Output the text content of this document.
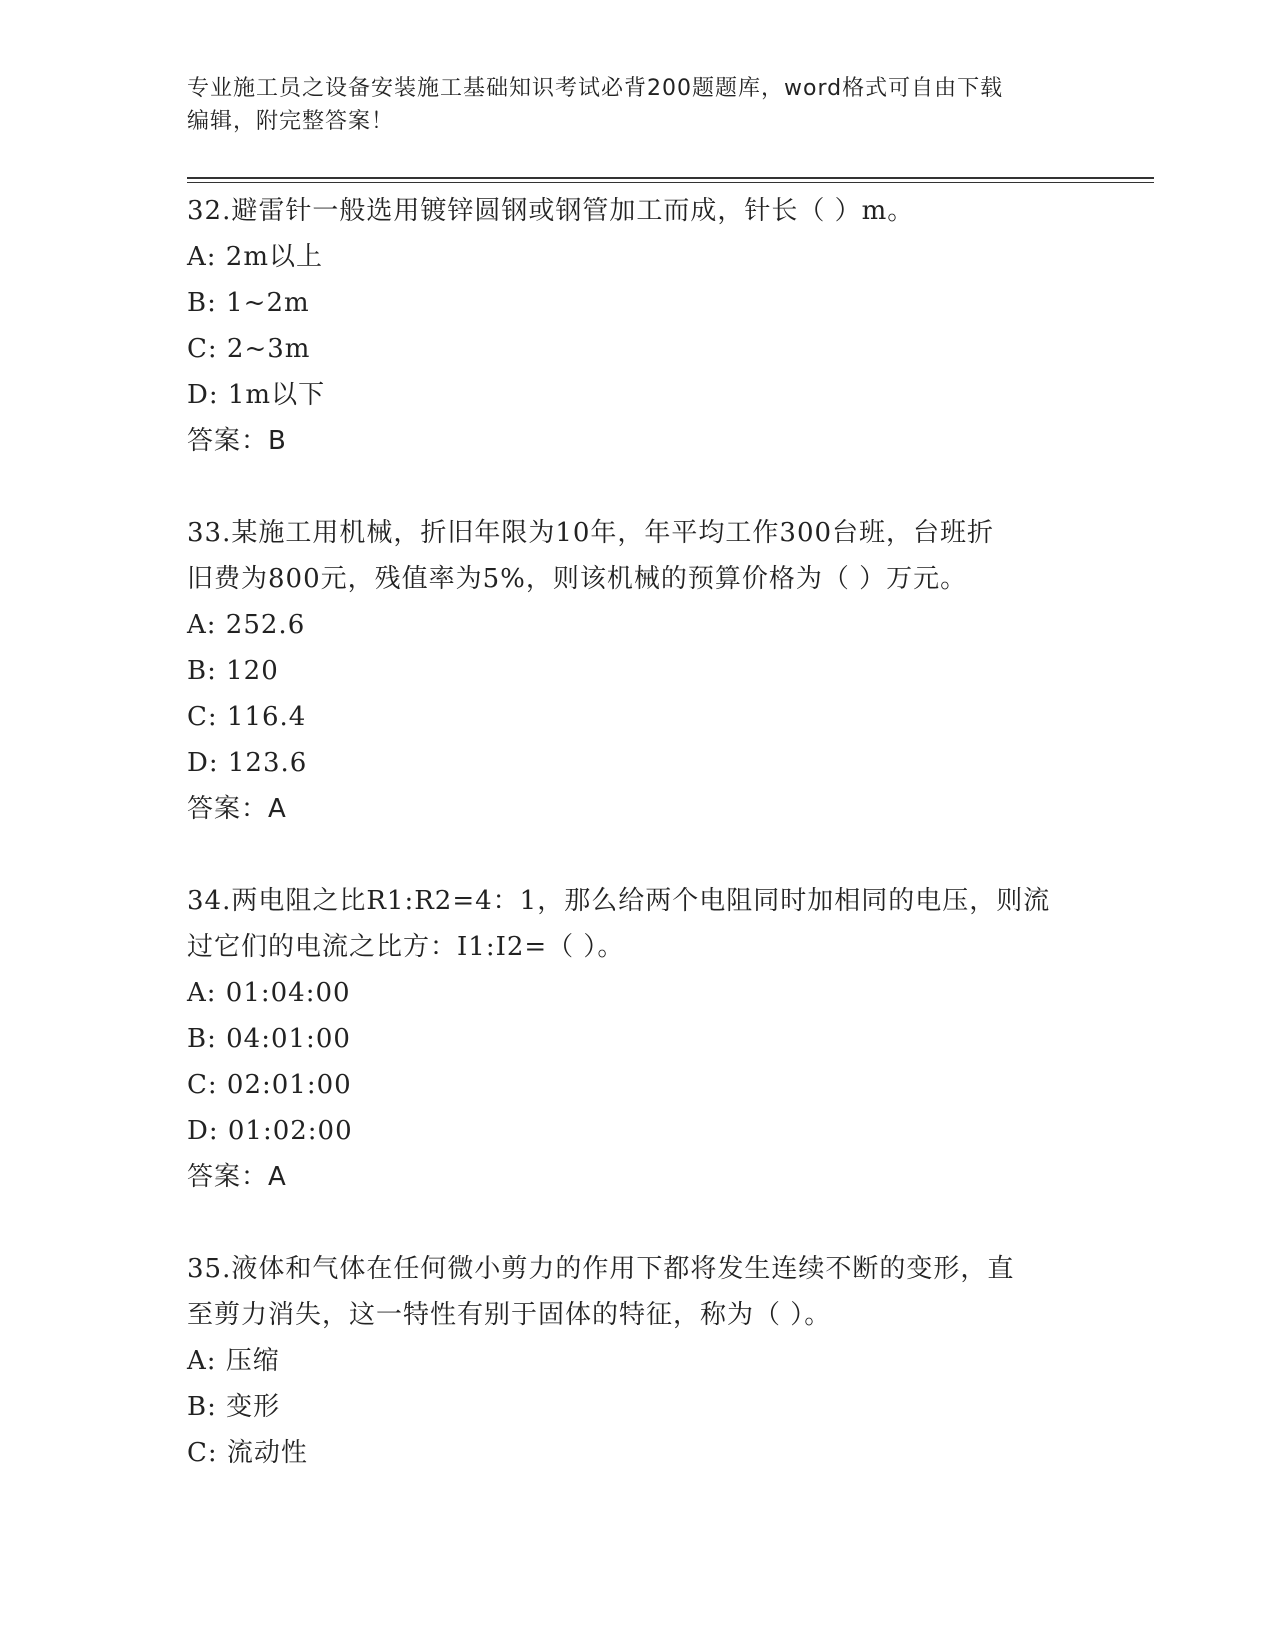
专业施工员之设备安装施工基础知识考试必背200题题库，word格式可自由下载
编辑，附完整答案！

32.避雷针一般选用镀锌圆钢或钢管加工而成，针长（ ）m。

A: 2m以上

B: 1~2m

C: 2~3m

D: 1m以下

答案：B

33.某施工用机械，折旧年限为10年，年平均工作300台班，台班折

旧费为800元，残值率为5%，则该机械的预算价格为（ ）万元。

A: 252.6

B: 120

C: 116.4

D: 123.6

答案：A

34.两电阻之比R1:R2=4：1，那么给两个电阻同时加相同的电压，则流

过它们的电流之比方：I1:I2=（ ）。

A: 01:04:00

B: 04:01:00

C: 02:01:00

D: 01:02:00

答案：A

35.液体和气体在任何微小剪力的作用下都将发生连续不断的变形，直

至剪力消失，这一特性有别于固体的特征，称为（ ）。

A: 压缩

B: 变形

C: 流动性
